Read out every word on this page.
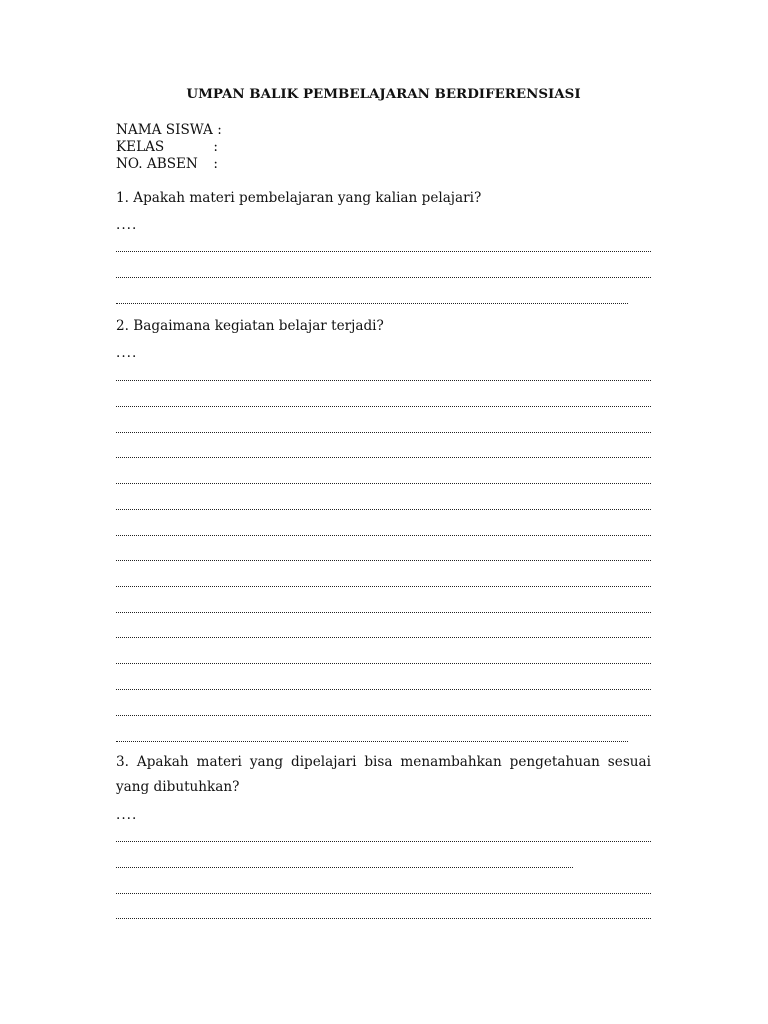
UMPAN BALIK PEMBELAJARAN BERDIFERENSIASI
NAMA SISWA :
KELAS	:
NO. ABSEN :
1. Apakah materi pembelajaran yang kalian pelajari?
....
2. Bagaimana kegiatan belajar terjadi?
....
3. Apakah materi yang dipelajari bisa menambahkan pengetahuan sesuai yang dibutuhkan?
....
